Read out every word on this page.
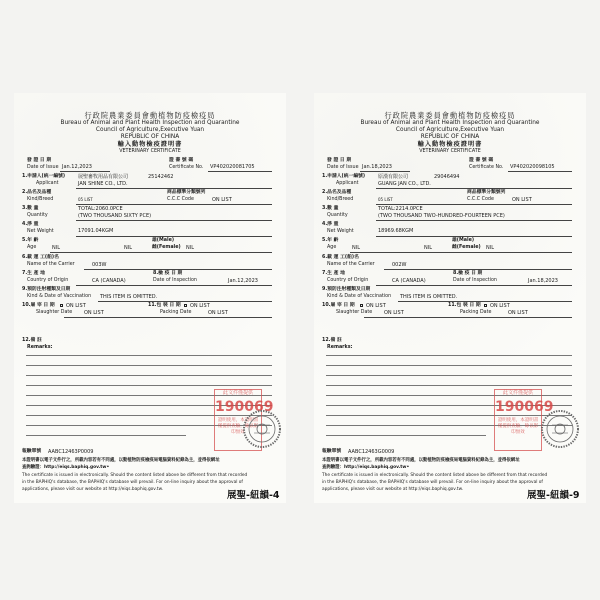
行政院農業委員會動植物防疫檢疫局
Bureau of Animal and Plant Health Inspection and Quarantine
Council of Agriculture,Executive Yuan
REPUBLIC OF CHINA
輸入動物檢疫證明書
VETERINARY CERTIFICATE
發 證 日 期
Date of Issue Jan.12,2023
證 書 號 碼
Certificate No. VP402020081705
1.申請人(統一編號)	展聖畜牧用品有限公司	25142462
Applicant	JAN SHINE CO., LTD.
2.品名及品種
Kind/Breed	05 LIST
商品標準分類號列
C.C.C Code	ON LIST
3.數 量	TOTAL:2060.0PCE
Quantity	(TWO THOUSAND SIXTY PCE)
4.淨 重
Net Weight	17091.04KGM
5.年 齡	雄(Male)
Age	NIL	NIL	雌(Female) NIL
6.載 運 工(船)名
Name of the Carrier	003W
7.生 產 地
Country of Origin	CA (CANADA)
8.檢 疫 日 期
Date of Inspection	Jan.12,2023
9.預防注射種類及日期
Kind & Date of Vaccination THIS ITEM IS OMITTED.
10.屠 宰 日 期 ON LIST	11.包 裝 日 期 ON LIST
Slaughter Date ON LIST	Packing Date	ON LIST
12.備 註
Remarks:
此文件僅提供
190069
證明使用，本證明書僅提供查驗，餘以影印無效
報驗單號 AABC12463P0009
本證明書以電子文件行之，所載內容若有不同處，以動植物防疫檢疫局電腦資料紀錄為主，並得依網址
查詢驗證：http://eiqs.baphiq.gov.tw•
The certificate is issued in electronically. Should the content listed above be different from that recorded
in the BAPHIQ's database, the BAPHIQ's database will prevail. For on-line inquiry about the approval of
applications, please visit our website at http://eiqs.baphiq.gov.tw.
展聖-紐韻-4
行政院農業委員會動植物防疫檢疫局
Bureau of Animal and Plant Health Inspection and Quarantine
Council of Agriculture,Executive Yuan
REPUBLIC OF CHINA
輸入動物檢疫證明書
VETERINARY CERTIFICATE
發 證 日 期
Date of Issue Jan.18,2023
證 書 號 碼
Certificate No. VP402020098105
1.申請人(統一編號)	原漢有限公司	29046494
Applicant	GUANG JAN CO., LTD.
2.品名及品種
Kind/Breed	05 LIST
商品標準分類號列
C.C.C Code	ON LIST
3.數 量	TOTAL:2214.0PCE
Quantity	(TWO THOUSAND TWO-HUNDRED-FOURTEEN PCE)
4.淨 重
Net Weight	18969.68KGM
5.年 齡	雄(Male)
Age	NIL	NIL	雌(Female) NIL
6.載 運 工(船)名
Name of the Carrier	002W
7.生 產 地
Country of Origin	CA (CANADA)
8.檢 疫 日 期
Date of Inspection	Jan.18,2023
9.預防注射種類及日期
Kind & Date of Vaccination THIS ITEM IS OMITTED.
10.屠 宰 日 期 ON LIST	11.包 裝 日 期 ON LIST
Slaughter Date ON LIST	Packing Date	ON LIST
12.備 註
Remarks:
此文件僅提供
190069
證明使用，本證明書僅提供查驗，餘以影印無效
報驗單號 AABC12463G0009
本證明書以電子文件行之，所載內容若有不同處，以動植物防疫檢疫局電腦資料紀錄為主，並得依網址
查詢驗證：http://eiqs.baphiq.gov.tw•
The certificate is issued in electronically. Should the content listed above be different from that recorded
in the BAPHIQ's database, the BAPHIQ's database will prevail. For on-line inquiry about the approval of
applications, please visit our website at http://eiqs.baphiq.gov.tw.
展聖-紐韻-9
